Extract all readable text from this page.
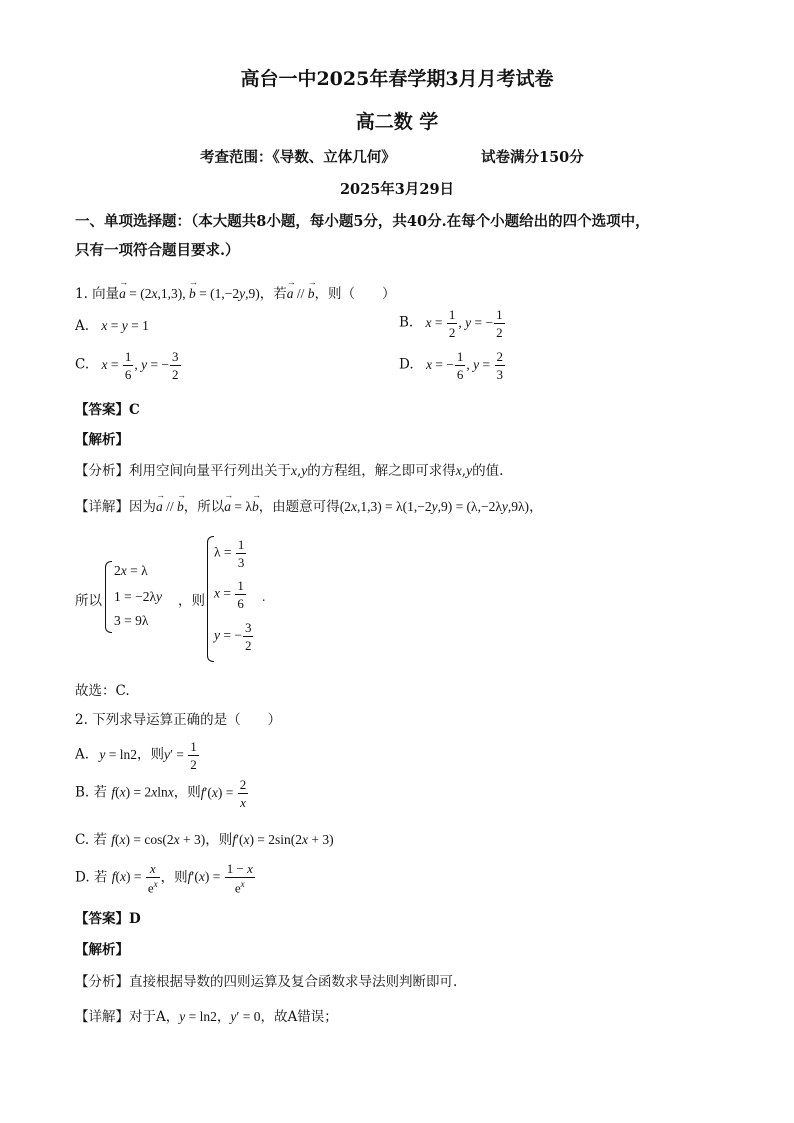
高台一中2025年春学期3月月考试卷
高二数 学
考查范围：《导数、立体几何》	试卷满分150分
2025年3月29日
一、单项选择题：（本大题共8小题，每小题5分，共40分.在每个小题给出的四个选项中，
只有一项符合题目要求.）
1. 向量→ a = (2x,1,3), → b = (1,−2y,9)，若→ a // → b，则（　　）
A. x = y = 1	B. $x = \frac{1}{2}$ , y = − $\frac{1}{2}$
C. $x = \frac{1}{6}$ , y = − $\frac{3}{2}$	D. x = − $\frac{1}{6}$ , $y = \frac{2}{3}$
【答案】C
【解析】
【分析】利用空间向量平行列出关于x,y的方程组，解之即可求得x,y的值.
【详解】因为→ a // → b，所以→ a = λ→ b，由题意可得(2x,1,3) = λ(1,−2y,9) = (λ,−2λy,9λ)，
所以
2x = λ
1 = −2λy
3 = 9λ
，则
$\lambda = \frac{1}{3}$
$x = \frac{1}{6}$ .
y = − $\frac{3}{2}$
故选：C.
2. 下列求导运算正确的是（　　）
A. y = ln2，则$y' = \frac{1}{2}$
B. 若 f(x) = 2xlnx，则$f'(x) = \frac{2}{x}$
C. 若 f(x) = cos(2x + 3)，则f′(x) = 2sin(2x + 3)
D. 若 $f(x) = \frac{x}{e^x}$ ，则$f'(x) = \frac{1 - x}{e^x}$
【答案】D
【解析】
【分析】直接根据导数的四则运算及复合函数求导法则判断即可.
【详解】对于A，y = ln2，y′ = 0，故A错误；
